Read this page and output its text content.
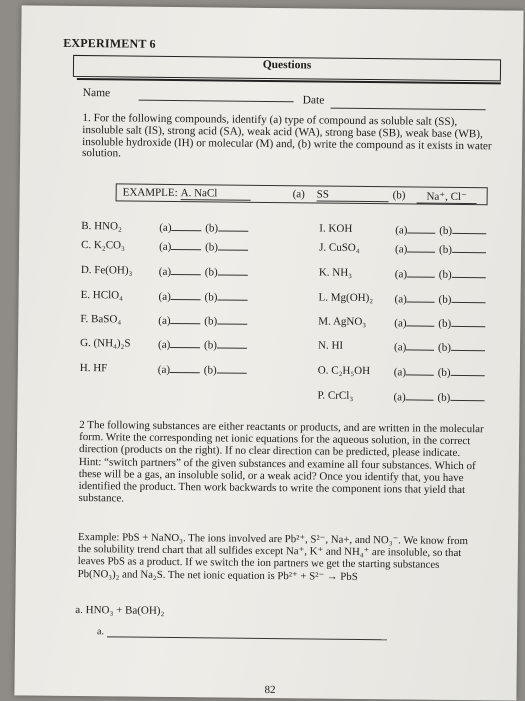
EXPERIMENT 6
Questions
Name
Date
1. For the following compounds, identify (a) type of compound as soluble salt (SS), insoluble salt (IS), strong acid (SA), weak acid (WA), strong base (SB), weak base (WB), insoluble hydroxide (IH) or molecular (M) and, (b) write the compound as it exists in water solution.
EXAMPLE: A. NaCl	(a) SS	(b)	Na⁺, Cl⁻
B. HNO₂	(a)	(b)
C. K₂CO₃	(a)	(b)
D. Fe(OH)₃ (a)	(b)
E. HClO₄	(a)	(b)
F. BaSO₄	(a)	(b)
G. (NH₄)₂S (a)	(b)
H. HF	(a)	(b)
I. KOH	(a)	(b)
J. CuSO₄	(a)	(b)
K. NH₃	(a)	(b)
L. Mg(OH)₂ (a)	(b)
M. AgNO₃	(a)	(b)
N. HI	(a)	(b)
O. C₂H₅OH (a)	(b)
P. CrCl₃	(a)	(b)
2 The following substances are either reactants or products, and are written in the molecular form. Write the corresponding net ionic equations for the aqueous solution, in the correct direction (products on the right). If no clear direction can be predicted, please indicate. Hint: “switch partners” of the given substances and examine all four substances. Which of these will be a gas, an insoluble solid, or a weak acid? Once you identify that, you have identified the product. Then work backwards to write the component ions that yield that substance.
Example: PbS + NaNO₃. The ions involved are Pb²⁺, S²⁻, Na+, and NO₃⁻. We know from the solubility trend chart that all sulfides except Na⁺, K⁺ and NH₄⁺ are insoluble, so that leaves PbS as a product. If we switch the ion partners we get the starting substances Pb(NO₃)₂ and Na₂S. The net ionic equation is Pb²⁺ + S²⁻ → PbS
a. HNO₃ + Ba(OH)₂
a.
82
